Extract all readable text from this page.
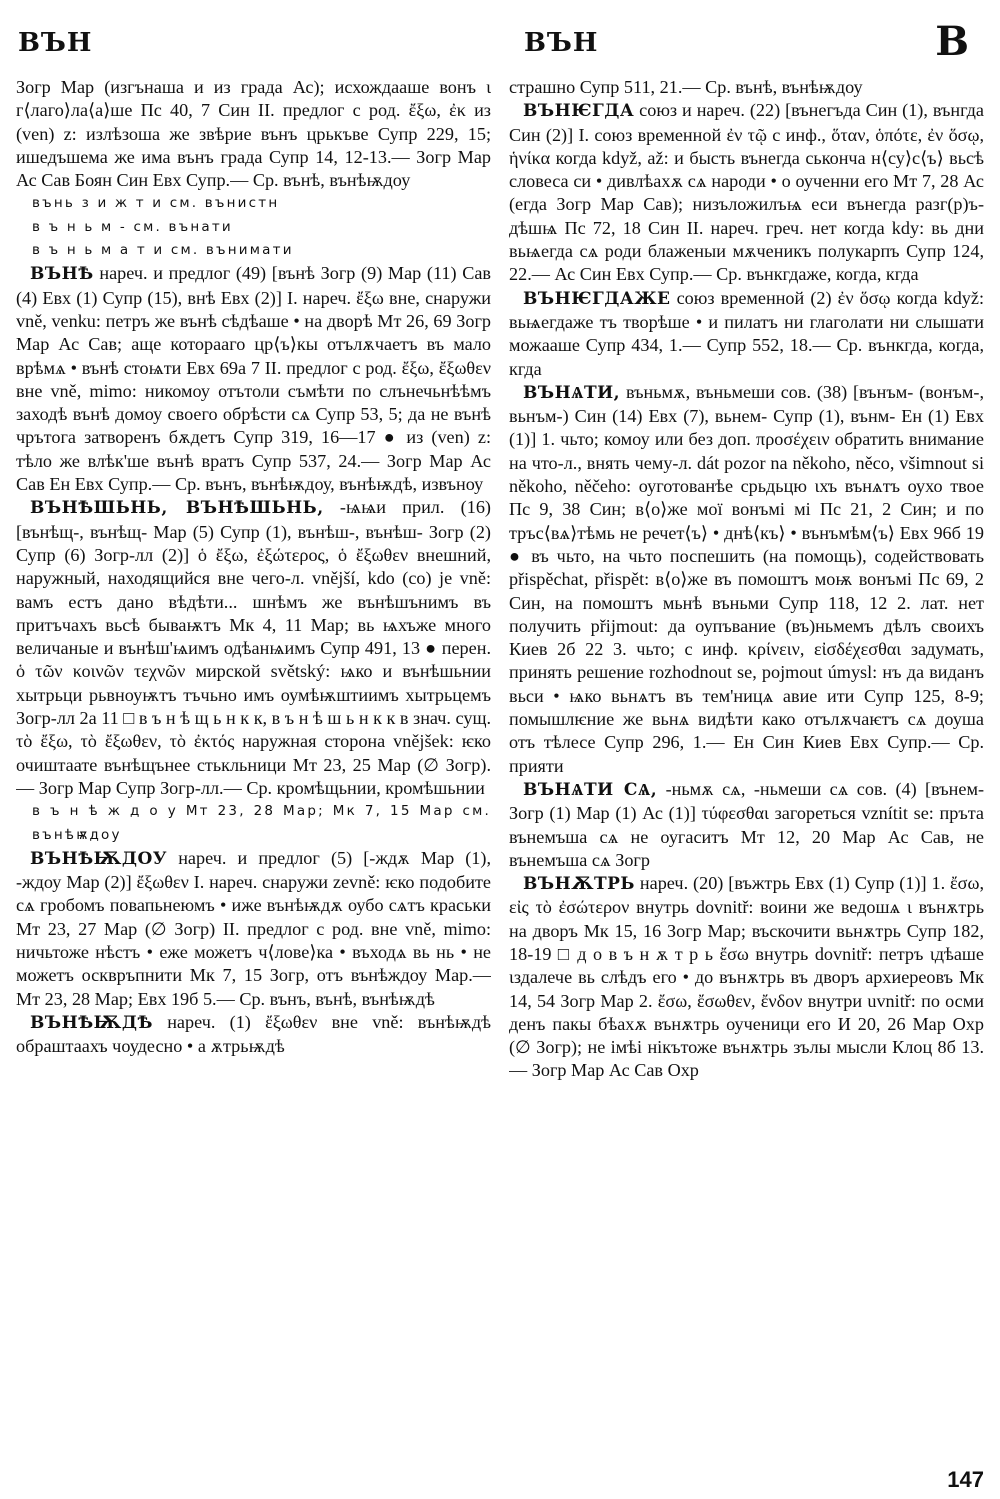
ВЪН	ВЪН	В

Зогр Мар (изгънаша и из града Ас); исхождааше вонъ ι г⟨лаго⟩ла⟨а⟩ше Пс 40, 7 Син II. предлог с род. ἔξω, ἐκ из (ven) z: излѣзоша же звѣрие вънъ црькъве Супр 229, 15; ишедъшема же има вънъ града Супр 14, 12-13.— Зогр Мар Ас Сав Боян Син Евх Супр.— Ср. вънѣ, вънѣѭдоу

вънь з и ж т и см. вънистн

в ъ н ь м - см. вънати

в ъ н ь м а т и см. вънимати

ВЪНѢ нареч. и предлог (49) [вънѣ Зогр (9) Мар (11) Сав (4) Евх (1) Супр (15), внѣ Евх (2)] I. нареч. ἔξω вне, снаружи vně, venku: петръ же вънѣ сѣдѣаше • на дворѣ Мт 26, 69 Зогр Мар Ас Сав; аще которааго цр⟨ъ⟩кы отълѫчаетъ въ мало врѣмѧ • вънѣ стоѩти Евх 69а 7 II. предлог с род. ἔξω, ἔξωθεν вне vně, mimo: никомоу отътоли съмѣти по слънечьнѣѣмъ заходѣ вънѣ домоу своего обрѣсти сѧ Супр 53, 5; да не вънѣ чрътога затворенъ бѫдетъ Супр 319, 16—17 ● из (ven) z: тѣло же влѣк'ше вънѣ вратъ Супр 537, 24.— Зогр Мар Ас Сав Ен Евх Супр.— Ср. вънъ, вънѣѭдоу, вънѣѭдѣ, извъноу

ВЪНѢШЬНЬ, ВЪНѢШЬНЬ, -ѩѩи прил. (16) [вънѣщ-, вънѣщ- Мар (5) Супр (1), вънѣш-, вънѣш- Зогр (2) Супр (6) Зогр-лл (2)] ὁ ἔξω, ἐξώτερος, ὁ ἔξωθεν внешний, наружный, находящийся вне чего-л. vnější, kdo (co) je vně: вамъ естъ дано вѣдѣти... шнѣмъ же вънѣшънимъ въ притъчахъ вьсѣ бываѭтъ Мк 4, 11 Мар; вь ѩхъже много величаные и вънѣш'ѩимъ одѣанѩимъ Супр 491, 13 ● перен. ὁ τῶν κοινῶν τεχνῶν мирской světský: ѩко и вънѣшьнии хытрьци рьвноуѭтъ тъчьно имъ оумѣѭштиимъ хытрьцемъ Зогр-лл 2а 11 □ в ъ н ѣ щ ь н к к, в ъ н ѣ ш ь н к к в знач. сущ. τὸ ἔξω, τὸ ἔξωθεν, τὸ ἐκτός наружная сторона vnějšek: ѥко очиштаате вънѣщънее стькльници Мт 23, 25 Мар (∅ Зогр).— Зогр Мар Супр Зогр-лл.— Ср. кромѣщьнии, кромѣшьнии

в ъ н ѣ ж д о у Мт 23, 28 Мар; Мк 7, 15 Мар см. вънѣѭдоу

ВЪНѢѬДОУ нареч. и предлог (5) [-ждѫ Мар (1), -ждоу Мар (2)] ἔξωθεν I. нареч. снаружи zevně: ѥко подобите сѧ гробомъ повапьнеюмъ • иже вънѣѭдѫ оубо сѧтъ краськи Мт 23, 27 Мар (∅ Зогр) II. предлог с род. вне vně, mimo: ничьтоже нѣстъ • еже можетъ ч⟨лове⟩ка • въходѧ вь нь • не можетъ осквръпнити Мк 7, 15 Зогр, отъ вънѣждоу Мар.— Мт 23, 28 Мар; Евх 19б 5.— Ср. вънъ, вънѣ, вънѣѭдѣ

ВЪНѢѬДѢ нареч. (1) ἔξωθεν вне vně: вънѣѭдѣ обраштаахъ чоудесно • а ѫтрьѭдѣ

страшно Супр 511, 21.— Ср. вънѣ, вънѣѭдоу

ВЪНѤГДА союз и нареч. (22) [вънегъда Син (1), вънгда Син (2)] I. союз временной ἐν τῷ с инф., ὅταν, ὁπότε, ἐν ὅσῳ, ἡνίκα когда když, až: и бысть вънегда ськонча н⟨су⟩с⟨ъ⟩ вьсѣ словеса си • дивлѣахѫ сѧ народи • о оученни его Мт 7, 28 Ас (егда Зогр Мар Сав); низъложилъѩ еси вънегда разг(р)ъ-дѣшѩ Пс 72, 18 Син II. нареч. греч. нет когда kdy: вь дни вьѩегда сѧ роди блаженыи мѫченикъ полукарпъ Супр 124, 22.— Ас Син Евх Супр.— Ср. вънкгдаже, когда, кгда

ВЪНѤГДАЖЕ союз временной (2) ἐν ὅσῳ когда když: вьѩегдаже тъ творѣше • и пилатъ ни глаголати ни слышати можааше Супр 434, 1.— Супр 552, 18.— Ср. вънкгда, когда, кгда

ВЪНѦТИ, въньмѫ, въньмеши сов. (38) [вънъм- (вонъм-, вьнъм-) Син (14) Евх (7), вьнем- Супр (1), вънм- Ен (1) Евх (1)] 1. чьто; комоу или без доп. προσέχειν обратить внимание на что-л., внять чему-л. dát pozor na někoho, něco, všimnout si někoho, něčeho: оуготованѣе срьдьцю ιхъ вънѧтъ оухо твое Пс 9, 38 Син; в⟨о⟩же мої вонъмі мі Пс 21, 2 Син; и по тръс⟨вѧ⟩тѣмь не речет⟨ъ⟩ • днѣ⟨къ⟩ • вънъмѣм⟨ъ⟩ Евх 96б 19 ● въ чьто, на чьто поспешить (на помощь), содействовать přispěchat, přispět: в⟨о⟩же въ помоштъ моѭ вонъмі Пс 69, 2 Син, на помоштъ мьнѣ въньми Супр 118, 12 2. лат. нет получить přijmout: да оупъвание (въ)ньмемъ дѣлъ своихъ Киев 2б 22 3. чьто; с инф. κρίνειν, εἰσδέχεσθαι задумать, принять решение rozhodnout se, pojmout úmysl: нъ да виданъ вьси • ѩко вьнѧтъ въ тем'ницѧ авие ити Супр 125, 8-9; помышлѥние же вьнѧ видѣти како отълѫчаѥтъ сѧ доуша отъ тѣлесе Супр 296, 1.— Ен Син Киев Евх Супр.— Ср. прияти

ВЪНѦТИ СѦ, -ньмѫ сѧ, -ньмеши сѧ сов. (4) [вънем- Зогр (1) Мар (1) Ас (1)] τύφεσθαι загореться vznítit se: пръта вънемъша сѧ не оугаситъ Мт 12, 20 Мар Ас Сав, не вънемъша сѧ Зогр

ВЪНѪТРЬ нареч. (20) [въжтрь Евх (1) Супр (1)] 1. ἔσω, εἰς τὸ ἐσώτερον внутрь dovnitř: воини же ведошѧ ι вънѫтрь на дворъ Мк 15, 16 Зогр Мар; въскочити вьнѫтрь Супр 182, 18-19 □ д о в ъ н ѫ т р ь ἔσω внутрь dovnitř: петръ ιдѣаше ιздалече вь слѣдъ его • до вънѫтрь въ дворъ архиереовъ Мк 14, 54 Зогр Мар 2. ἔσω, ἔσωθεν, ἔνδον внутри uvnitř: по осми денъ пакы бѣахѫ вънѫтрь оученици его И 20, 26 Мар Охр (∅ Зогр); не імѣі нікътоже вънѫтрь зълы мысли Клоц 8б 13.— Зогр Мар Ас Сав Охр

147
